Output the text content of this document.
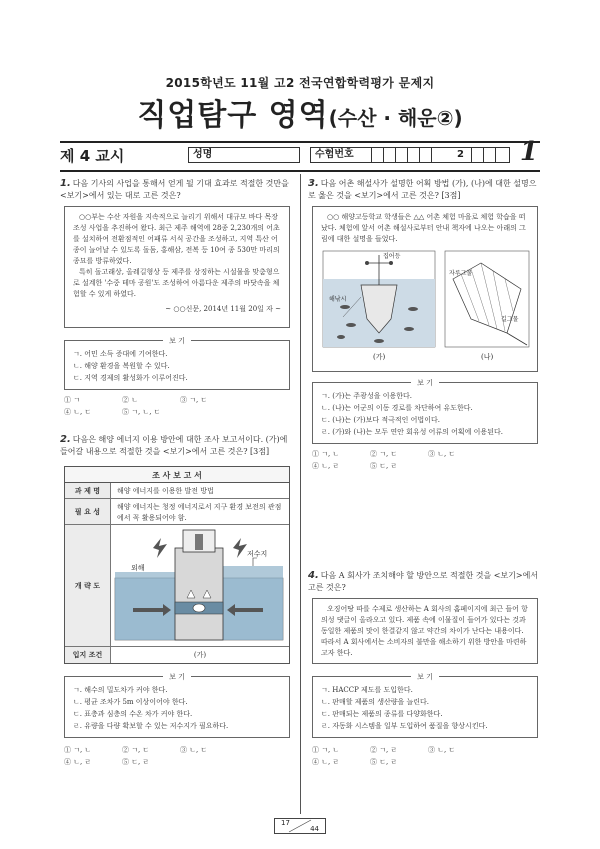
2015학년도 11월 고2 전국연합학력평가 문제지
직업탐구 영역(수산 · 해운②)
제 4 교시	성명	수험번호	2 1
1. 다음 기사의 사업을 통해서 얻게 될 기대 효과로 적절한 것만을 <보기>에서 있는 대로 고른 것은?

○○부는 수산 자원을 지속적으로 늘리기 위해서 대규모 바다 목장 조성 사업을 추진하여 왔다. 최근 제주 해역에 28종 2,230개의 어초를 설치하여 전환점적인 어패류 서식 공간을 조성하고, 지역 특산 어종이 늘어날 수 있도록 돌돔, 홍해삼, 전복 등 10여 종 530만 마리의 종묘를 방류하였다.

특히 돌고래상, 올레길형상 등 제주를 상징하는 시설물을 맞춤형으로 설계한 '수중 테마 공원'도 조성하여 아름다운 제주의 바닷속을 체험할 수 있게 하였다.

~ ○○신문, 2014년 11월 20일 자 ~
보 기
ㄱ. 어민 소득 증대에 기여한다.
ㄴ. 해양 환경을 복원할 수 있다.
ㄷ. 지역 경제의 활성화가 이루어진다.
① ㄱ	② ㄴ	③ ㄱ, ㄷ
④ ㄴ, ㄷ	⑤ ㄱ, ㄴ, ㄷ
2. 다음은 해양 에너지 이용 방안에 대한 조사 보고서이다. (가)에 들어갈 내용으로 적절한 것을 <보기>에서 고른 것은? [3점]
조 사 보 고 서
과 제 명	해양 에너지를 이용한 발전 방법
필 요 성	해양 에너지는 청정 에너지로서 지구 환경 보전의 관점에서 꼭 활용되어야 함.
개 략 도
외해
저수지
입지 조건	(가)
보 기
ㄱ. 해수의 밀도차가 커야 한다.
ㄴ. 평균 조차가 5m 이상이어야 한다.
ㄷ. 표층과 심층의 수온 차가 커야 한다.
ㄹ. 유량을 다량 확보할 수 있는 저수지가 필요하다.
① ㄱ, ㄴ	② ㄱ, ㄷ	③ ㄴ, ㄷ
④ ㄴ, ㄹ	⑤ ㄷ, ㄹ
3. 다음 어촌 해설사가 설명한 어획 방법 (가), (나)에 대한 설명으로 옳은 것을 <보기>에서 고른 것은? [3점]

○○ 해양고등학교 학생들은 △△ 어촌 체험 마을로 체험 학습을 떠났다. 체험에 앞서 어촌 해설사로부터 안내 책자에 나오는 아래의 그림에 대한 설명을 들었다.

집어등
해낚시
자루그물
길그물
(가)	(나)
보 기
ㄱ. (가)는 주광성을 이용한다.
ㄴ. (나)는 어군의 이동 경로를 차단하여 유도한다.
ㄷ. (나)는 (가)보다 적극적인 어법이다.
ㄹ. (가)와 (나)는 모두 연안 회유성 어류의 어획에 이용된다.
① ㄱ, ㄴ	② ㄱ, ㄷ	③ ㄴ, ㄷ
④ ㄴ, ㄹ	⑤ ㄷ, ㄹ
4. 다음 A 회사가 조치해야 할 방안으로 적절한 것을 <보기>에서 고른 것은?

오징어땅 따를 수제로 생산하는 A 회사의 홈페이지에 최근 들어 항의성 댓글이 올라오고 있다. 제품 속에 이물질이 들어가 있다는 것과 동일한 제품의 맛이 한결같지 않고 약간의 차이가 난다는 내용이다. 따라서 A 회사에서는 소비자의 불만을 해소하기 위한 방안을 마련하고자 한다.

보 기
ㄱ. HACCP 제도를 도입한다.
ㄴ. 판매할 제품의 생산량을 늘린다.
ㄷ. 판매되는 제품의 종류를 다양화한다.
ㄹ. 자동화 시스템을 일부 도입하여 품질을 향상시킨다.
① ㄱ, ㄴ	② ㄱ, ㄹ	③ ㄴ, ㄷ
④ ㄴ, ㄹ	⑤ ㄷ, ㄹ
17
44
